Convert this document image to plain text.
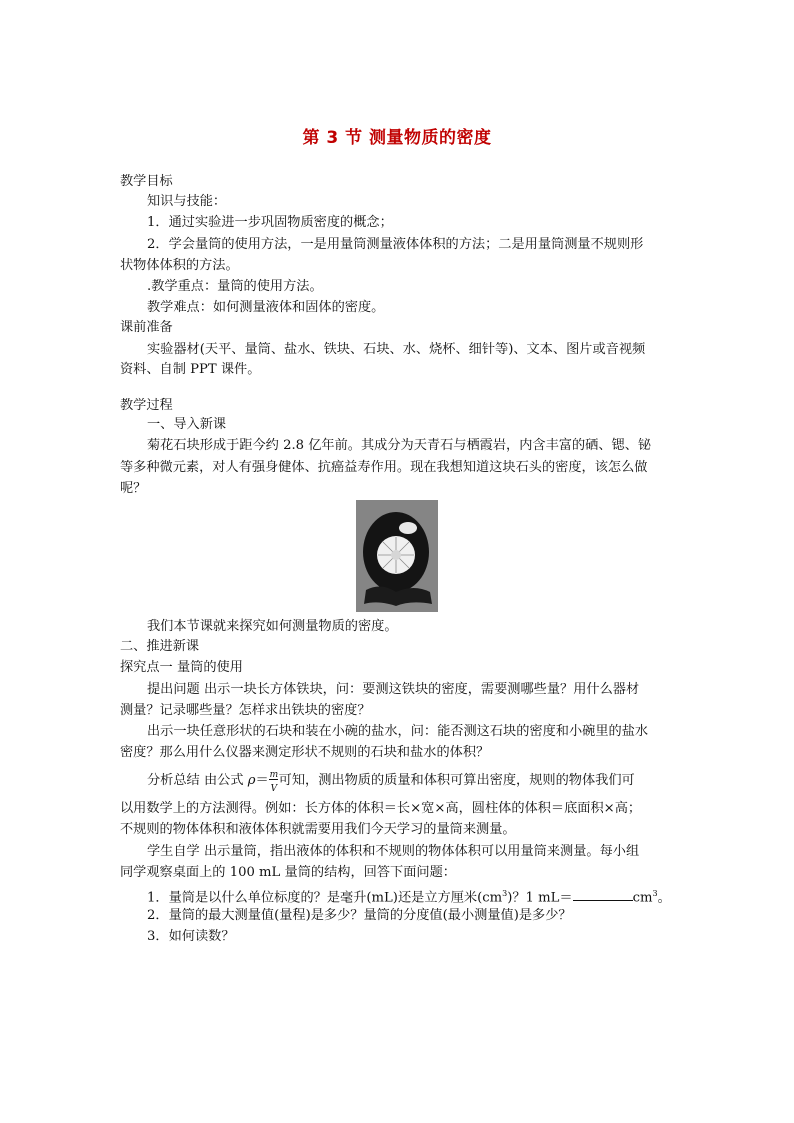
第 3 节 测量物质的密度
教学目标
知识与技能：
1．通过实验进一步巩固物质密度的概念；
2．学会量筒的使用方法，一是用量筒测量液体体积的方法；二是用量筒测量不规则形
状物体体积的方法。
.教学重点：量筒的使用方法。
教学难点：如何测量液体和固体的密度。
课前准备
实验器材(天平、量筒、盐水、铁块、石块、水、烧杯、细针等)、文本、图片或音视频
资料、自制 PPT 课件。
教学过程
一、导入新课
菊花石块形成于距今约 2.8 亿年前。其成分为天青石与栖霞岩，内含丰富的硒、锶、铋
等多种微元素，对人有强身健体、抗癌益寿作用。现在我想知道这块石头的密度，该怎么做
呢？
我们本节课就来探究如何测量物质的密度。
二、推进新课
探究点一 量筒的使用
提出问题 出示一块长方体铁块，问：要测这铁块的密度，需要测哪些量？用什么器材
测量？记录哪些量？怎样求出铁块的密度？
出示一块任意形状的石块和装在小碗的盐水，问：能否测这石块的密度和小碗里的盐水
密度？那么用什么仪器来测定形状不规则的石块和盐水的体积？
分析总结 由公式 ρ＝ m
V
可知，测出物质的质量和体积可算出密度，规则的物体我们可
以用数学上的方法测得。例如：长方体的体积＝长×宽×高，圆柱体的体积＝底面积×高；
不规则的物体体积和液体体积就需要用我们今天学习的量筒来测量。
学生自学 出示量筒，指出液体的体积和不规则的物体体积可以用量筒来测量。每小组
同学观察桌面上的 100 mL 量筒的结构，回答下面问题：
1．量筒是以什么单位标度的？是毫升(mL)还是立方厘米$(cm^3)$？1 mL＝	$cm^3$。
2．量筒的最大测量值(量程)是多少？量筒的分度值(最小测量值)是多少？
3．如何读数？
